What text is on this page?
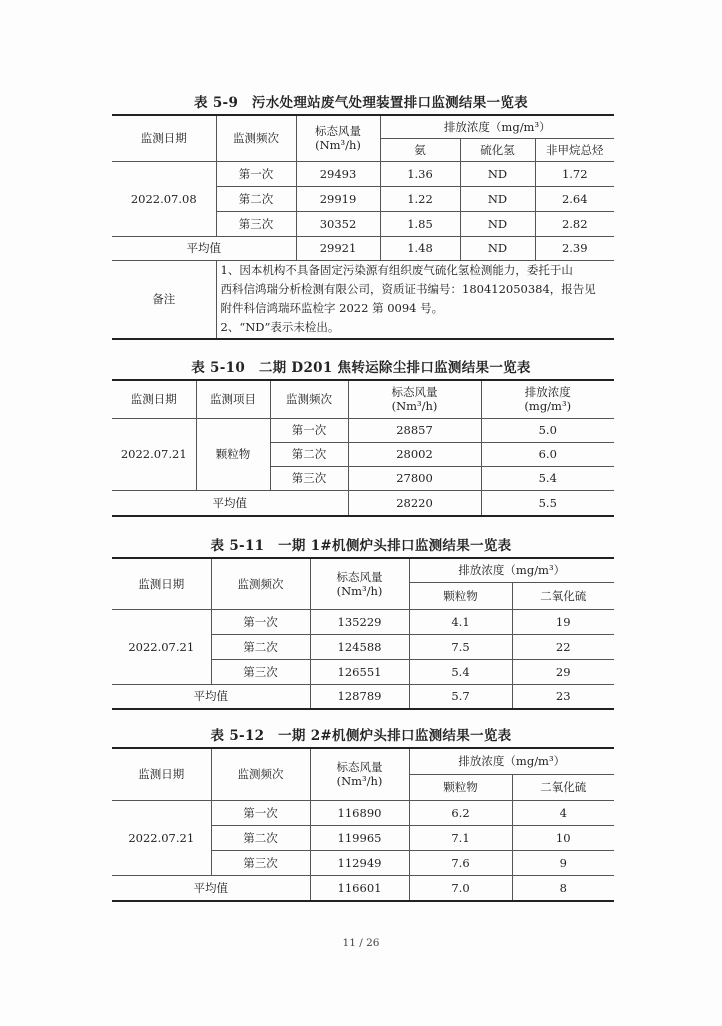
表 5-9　污水处理站废气处理装置排口监测结果一览表
监测日期	监测频次	标态风量
(Nm³/h)	排放浓度（mg/m³）		
			氨	硫化氢	非甲烷总烃
2022.07.08	第一次	29493	1.36	ND	1.72
	第二次	29919	1.22	ND	2.64
	第三次	30352	1.85	ND	2.82
平均值		29921	1.48	ND	2.39
备注	1、因本机构不具备固定污染源有组织废气硫化氢检测能力，委托于山
西科信鸿瑞分析检测有限公司，资质证书编号：180412050384，报告见
附件科信鸿瑞环监检字 2022 第 0094 号。
2、“ND”表示未检出。				
表 5-10　二期 D201 焦转运除尘排口监测结果一览表
监测日期	监测项目	监测频次	标态风量
(Nm³/h)	排放浓度
(mg/m³)
2022.07.21	颗粒物	第一次	28857	5.0
		第二次	28002	6.0
		第三次	27800	5.4
平均值			28220	5.5
表 5-11　一期 1#机侧炉头排口监测结果一览表
监测日期	监测频次	标态风量
(Nm³/h)	排放浓度（mg/m³）	
			颗粒物	二氧化硫
2022.07.21	第一次	135229	4.1	19
	第二次	124588	7.5	22
	第三次	126551	5.4	29
平均值		128789	5.7	23
表 5-12　一期 2#机侧炉头排口监测结果一览表
监测日期	监测频次	标态风量
(Nm³/h)	排放浓度（mg/m³）	
			颗粒物	二氧化硫
2022.07.21	第一次	116890	6.2	4
	第二次	119965	7.1	10
	第三次	112949	7.6	9
平均值		116601	7.0	8
11 / 26
